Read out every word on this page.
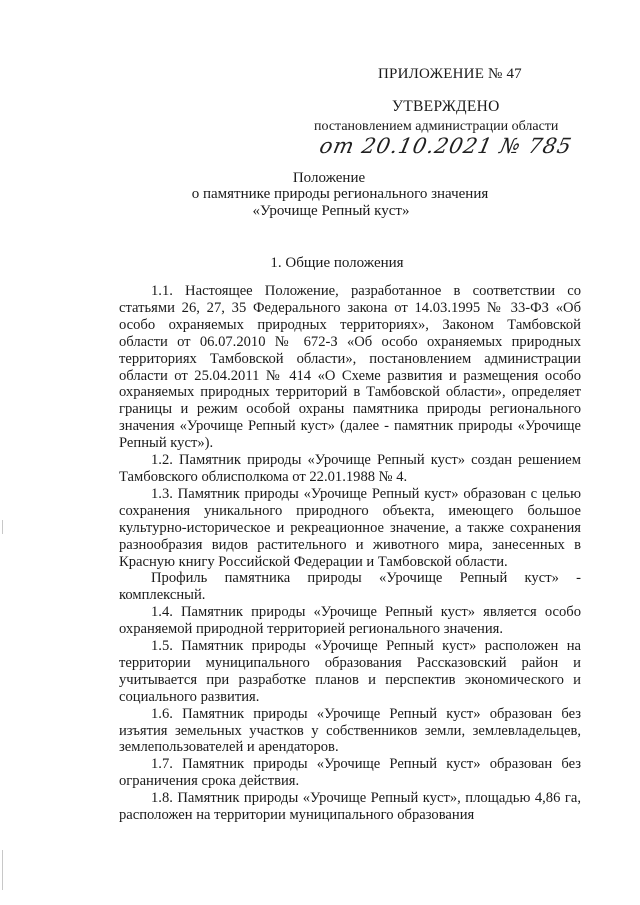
ПРИЛОЖЕНИЕ № 47
УТВЕРЖДЕНО
постановлением администрации области
от 20.10.2021 № 785
Положение
о памятнике природы регионального значения
«Урочище Репный куст»
1. Общие положения

1.1. Настоящее Положение, разработанное в соответствии со статьями 26, 27, 35 Федерального закона от 14.03.1995 № 33-ФЗ «Об особо охраняемых природных территориях», Законом Тамбовской области от 06.07.2010 № 672-З «Об особо охраняемых природных территориях Тамбовской области», постановлением администрации области от 25.04.2011 № 414 «О Схеме развития и размещения особо охраняемых природных территорий в Тамбовской области», определяет границы и режим особой охраны памятника природы регионального значения «Урочище Репный куст» (далее - памятник природы «Урочище Репный куст»).

1.2. Памятник природы «Урочище Репный куст» создан решением Тамбовского облисполкома от 22.01.1988 № 4.

1.3. Памятник природы «Урочище Репный куст» образован с целью сохранения уникального природного объекта, имеющего большое культурно-историческое и рекреационное значение, а также сохранения разнообразия видов растительного и животного мира, занесенных в Красную книгу Российской Федерации и Тамбовской области.

Профиль памятника природы «Урочище Репный куст» - комплексный.

1.4. Памятник природы «Урочище Репный куст» является особо охраняемой природной территорией регионального значения.

1.5. Памятник природы «Урочище Репный куст» расположен на территории муниципального образования Рассказовский район и учитывается при разработке планов и перспектив экономического и социального развития.

1.6. Памятник природы «Урочище Репный куст» образован без изъятия земельных участков у собственников земли, землевладельцев, землепользователей и арендаторов.

1.7. Памятник природы «Урочище Репный куст» образован без ограничения срока действия.

1.8. Памятник природы «Урочище Репный куст», площадью 4,86 га, расположен на территории муниципального образования
